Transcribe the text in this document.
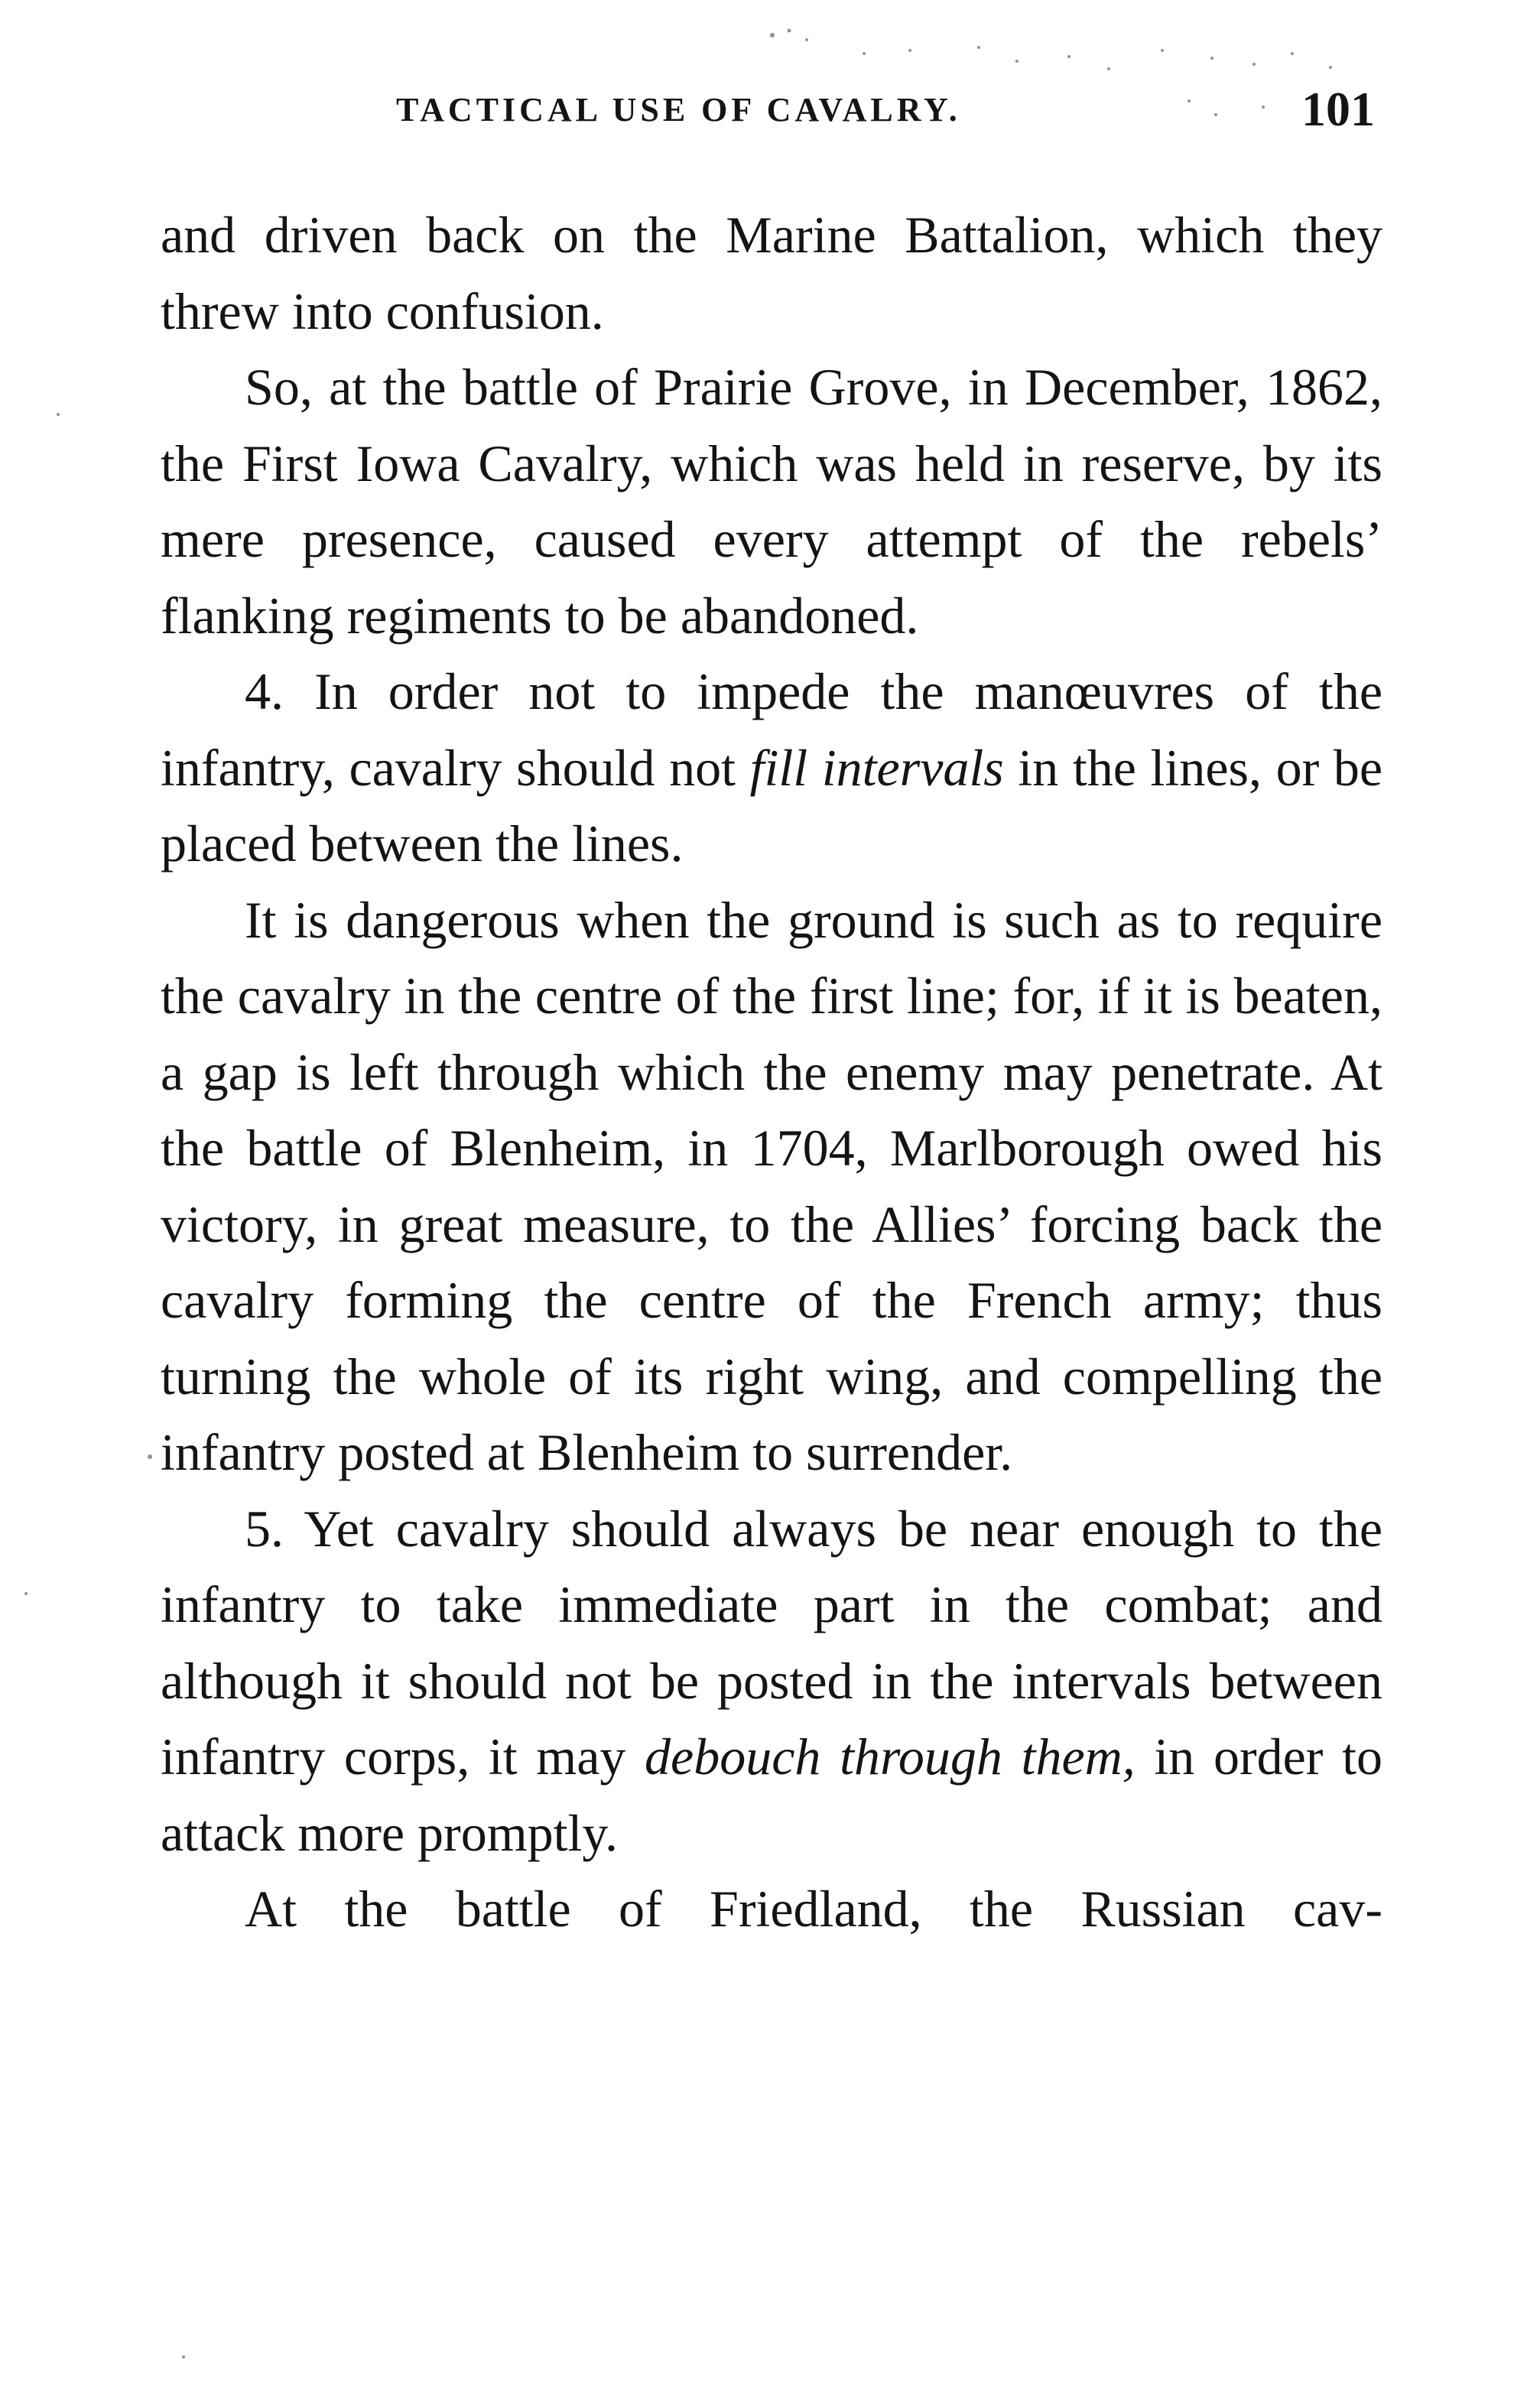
TACTICAL USE OF CAVALRY.	101

and driven back on the Marine Battalion, which they threw into confusion.

So, at the battle of Prairie Grove, in December, 1862, the First Iowa Cavalry, which was held in reserve, by its mere presence, caused every attempt of the rebels’ flanking regiments to be abandoned.

4. In order not to impede the manœuvres of the infantry, cavalry should not fill intervals in the lines, or be placed between the lines.

It is dangerous when the ground is such as to require the cavalry in the centre of the first line; for, if it is beaten, a gap is left through which the enemy may penetrate. At the battle of Blenheim, in 1704, Marlborough owed his victory, in great measure, to the Allies’ forcing back the cavalry forming the centre of the French army; thus turning the whole of its right wing, and compelling the infantry posted at Blenheim to surrender.

5. Yet cavalry should always be near enough to the infantry to take immediate part in the combat; and although it should not be posted in the intervals between infantry corps, it may debouch through them, in order to attack more promptly.

At the battle of Friedland, the Russian cav-
